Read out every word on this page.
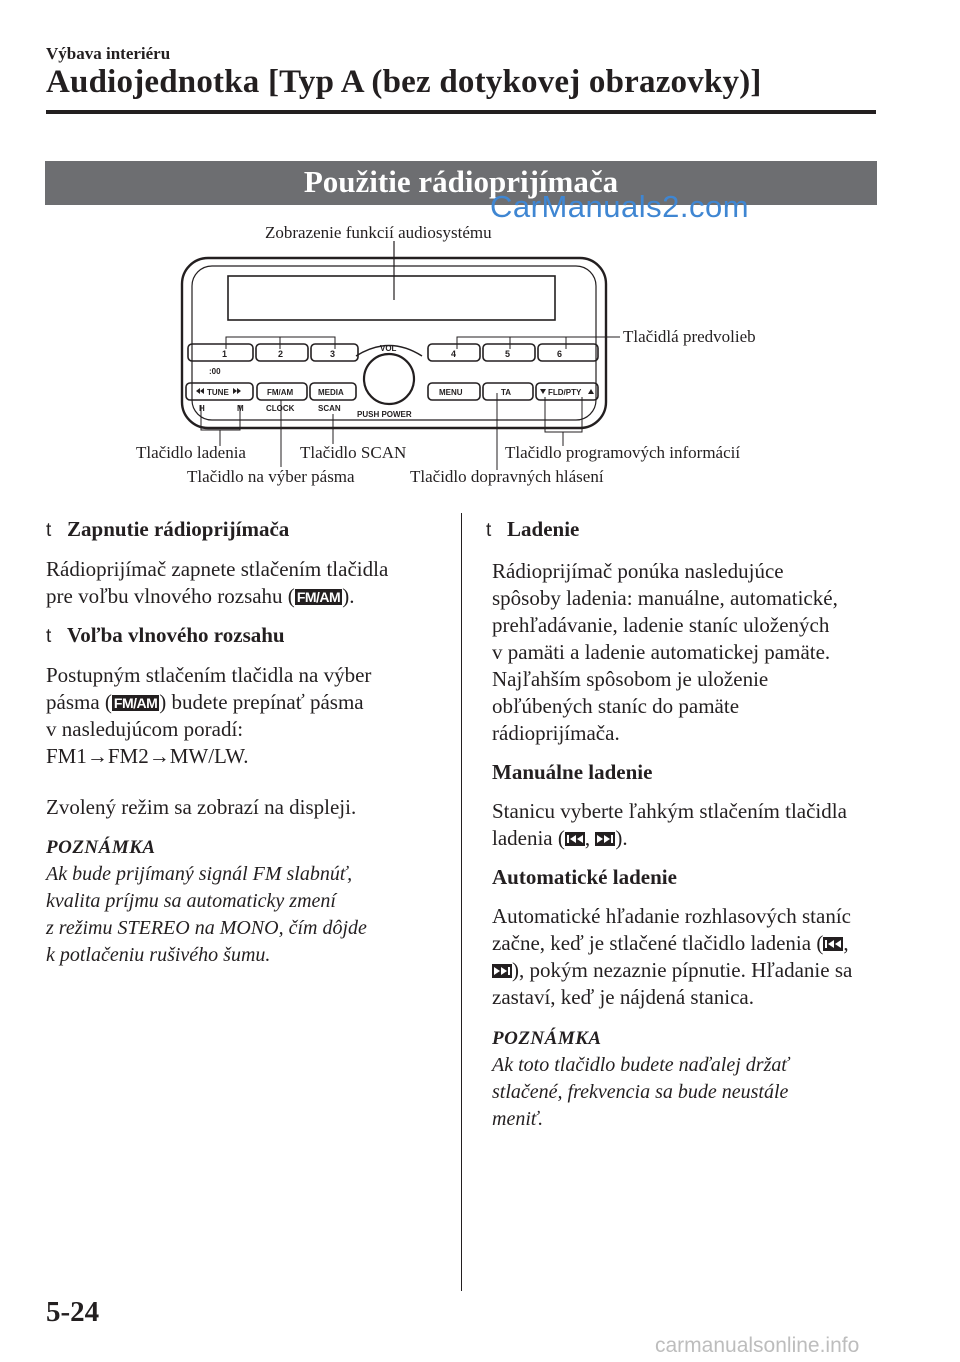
Výbava interiéru
Audiojednotka [Typ A (bez dotykovej obrazovky)]
Použitie rádioprijímača
CarManuals2.com
1	2	3	4	5	6
:00
VOL
PUSH POWER
TUNE	FM/AM	MEDIA	MENU	TA	FLD/PTY
H	M	CLOCK	SCAN
Zobrazenie funkcií audiosystému
Tlačidlá predvolieb
Tlačidlo ladenia	Tlačidlo SCAN	Tlačidlo programových informácií
Tlačidlo na výber pásma	Tlačidlo dopravných hlásení

t Zapnutie rádioprijímača

Rádioprijímač zapnete stlačením tlačidla

pre voľbu vlnového rozsahu ( FM/AM).

t Voľba vlnového rozsahu

Postupným stlačením tlačidla na výber

pásma ( FM/AM) budete prepínať pásma

v nasledujúcom poradí:

FM1→FM2→MW/LW.

Zvolený režim sa zobrazí na displeji.

POZNÁMKA

Ak bude prijímaný signál FM slabnúť,
kvalita príjmu sa automaticky zmení
z režimu STEREO na MONO, čím dôjde
k potlačeniu rušivého šumu.

t Ladenie

Rádioprijímač ponúka nasledujúce
spôsoby ladenia: manuálne, automatické,
prehľadávanie, ladenie staníc uložených
v pamäti a ladenie automatickej pamäte.
Najľahším spôsobom je uloženie
obľúbených staníc do pamäte
rádioprijímača.

Manuálne ladenie

Stanicu vyberte ľahkým stlačením tlačidla

ladenia ( , ).

Automatické ladenie

Automatické hľadanie rozhlasových staníc

začne, keď je stlačené tlačidlo ladenia ( ,

), pokým nezaznie pípnutie. Hľadanie sa

zastaví, keď je nájdená stanica.

POZNÁMKA

Ak toto tlačidlo budete naďalej držať
stlačené, frekvencia sa bude neustále
meniť.
5-24
carmanualsonline.info
